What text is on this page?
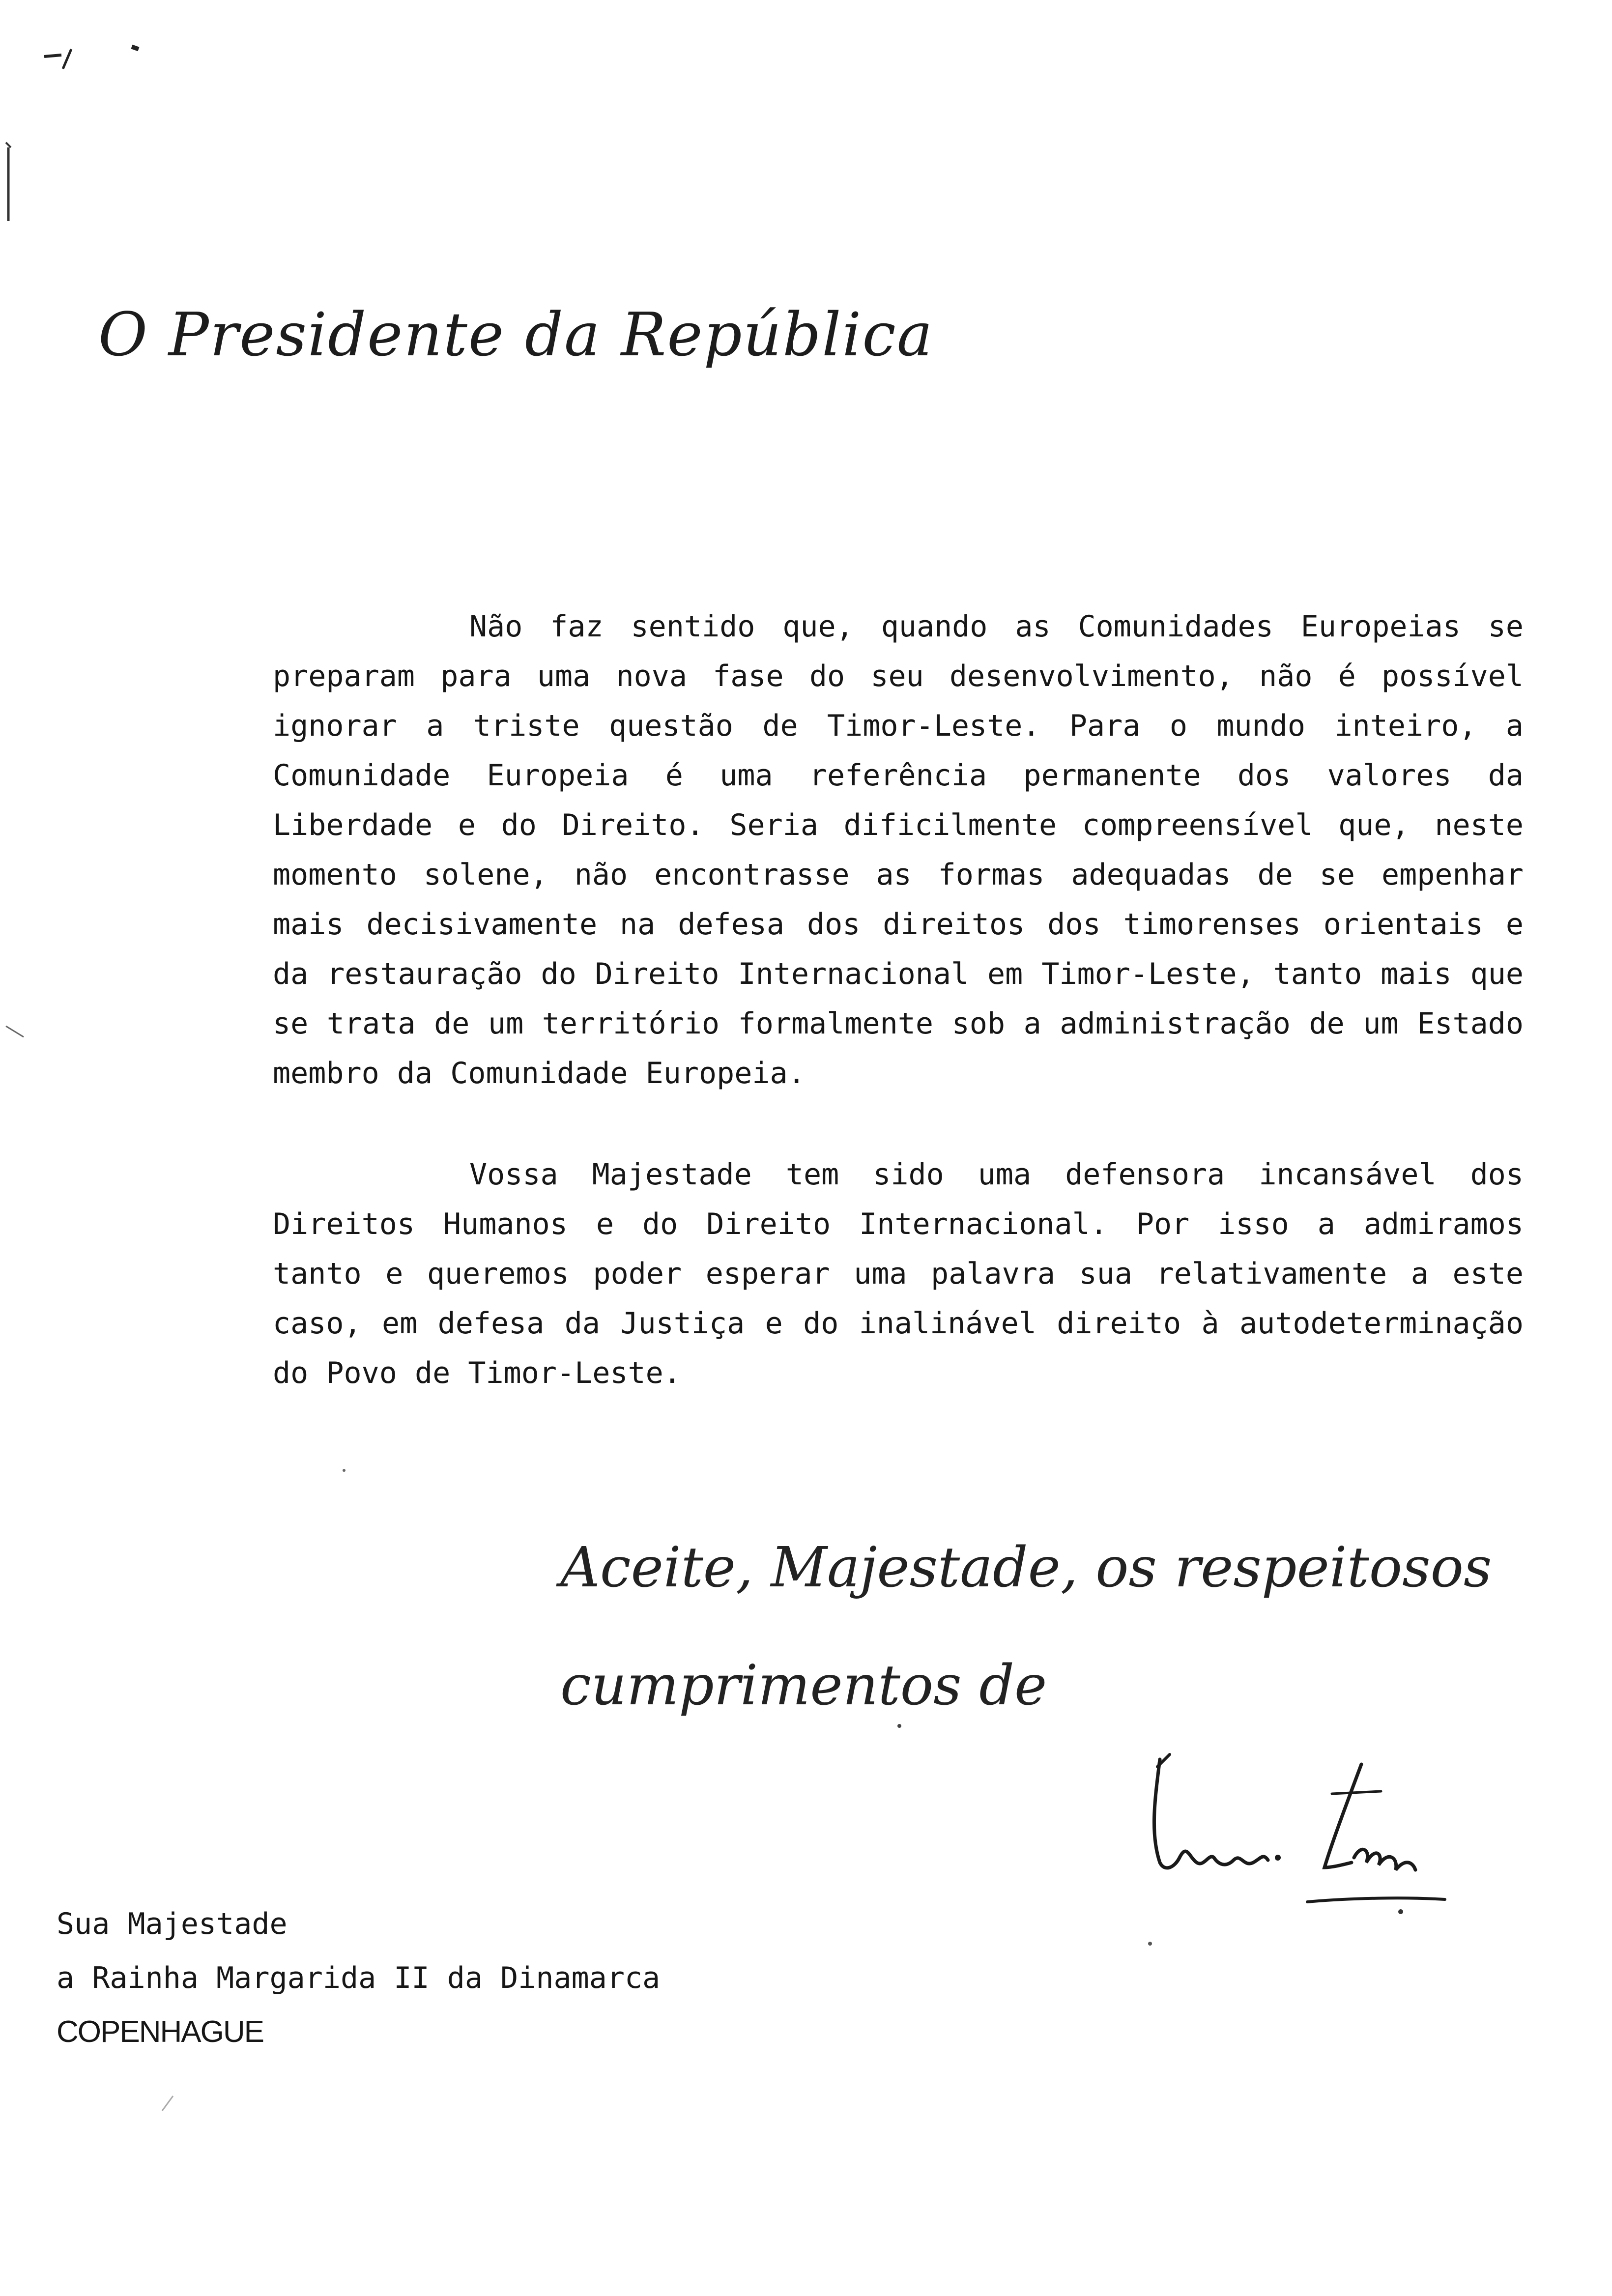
O Presidente da República

Não faz sentido que, quando as Comunidades Europeias se preparam para uma nova fase do seu desenvolvimento, não é possível ignorar a triste questão de Timor-Leste. Para o mundo inteiro, a Comunidade Europeia é uma referência permanente dos valores da Liberdade e do Direito. Seria dificilmente compreensível que, neste momento solene, não encontrasse as formas adequadas de se empenhar mais decisivamente na defesa dos direitos dos timorenses orientais e da restauração do Direito Internacional em Timor-Leste, tanto mais que se trata de um território formalmente sob a administração de um Estado membro da Comunidade Europeia.

Vossa Majestade tem sido uma defensora incansável dos Direitos Humanos e do Direito Internacional. Por isso a admiramos tanto e queremos poder esperar uma palavra sua relativamente a este caso, em defesa da Justiça e do inalinável direito à autodeterminação do Povo de Timor-Leste.

Aceite, Majestade, os respeitosos
cumprimentos de
Sua Majestade
a Rainha Margarida II da Dinamarca
COPENHAGUE
